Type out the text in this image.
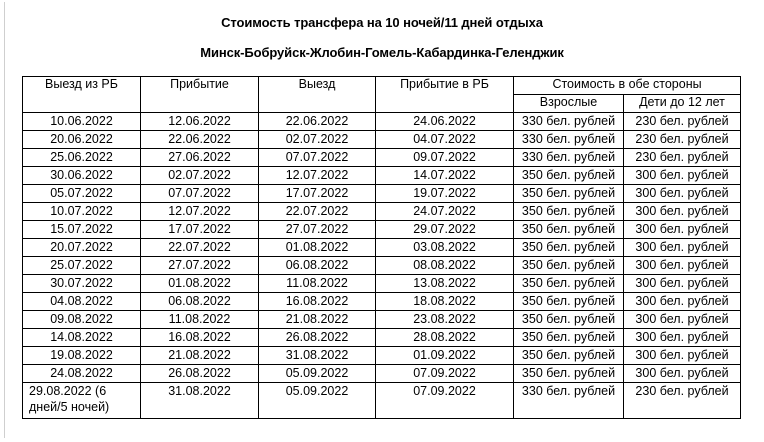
Стоимость трансфера на 10 ночей/11 дней отдыха
Минск-Бобруйск-Жлобин-Гомель-Кабардинка-Геленджик
Выезд из РБ	Прибытие	Выезд	Прибытие в РБ	Стоимость в обе стороны	
				Взрослые	Дети до 12 лет
10.06.2022	12.06.2022	22.06.2022	24.06.2022	330 бел. рублей	230 бел. рублей
20.06.2022	22.06.2022	02.07.2022	04.07.2022	330 бел. рублей	230 бел. рублей
25.06.2022	27.06.2022	07.07.2022	09.07.2022	330 бел. рублей	230 бел. рублей
30.06.2022	02.07.2022	12.07.2022	14.07.2022	350 бел. рублей	300 бел. рублей
05.07.2022	07.07.2022	17.07.2022	19.07.2022	350 бел. рублей	300 бел. рублей
10.07.2022	12.07.2022	22.07.2022	24.07.2022	350 бел. рублей	300 бел. рублей
15.07.2022	17.07.2022	27.07.2022	29.07.2022	350 бел. рублей	300 бел. рублей
20.07.2022	22.07.2022	01.08.2022	03.08.2022	350 бел. рублей	300 бел. рублей
25.07.2022	27.07.2022	06.08.2022	08.08.2022	350 бел. рублей	300 бел. рублей
30.07.2022	01.08.2022	11.08.2022	13.08.2022	350 бел. рублей	300 бел. рублей
04.08.2022	06.08.2022	16.08.2022	18.08.2022	350 бел. рублей	300 бел. рублей
09.08.2022	11.08.2022	21.08.2022	23.08.2022	350 бел. рублей	300 бел. рублей
14.08.2022	16.08.2022	26.08.2022	28.08.2022	350 бел. рублей	300 бел. рублей
19.08.2022	21.08.2022	31.08.2022	01.09.2022	350 бел. рублей	300 бел. рублей
24.08.2022	26.08.2022	05.09.2022	07.09.2022	350 бел. рублей	300 бел. рублей
29.08.2022 (6 дней/5 ночей)	31.08.2022	05.09.2022	07.09.2022	330 бел. рублей	230 бел. рублей
